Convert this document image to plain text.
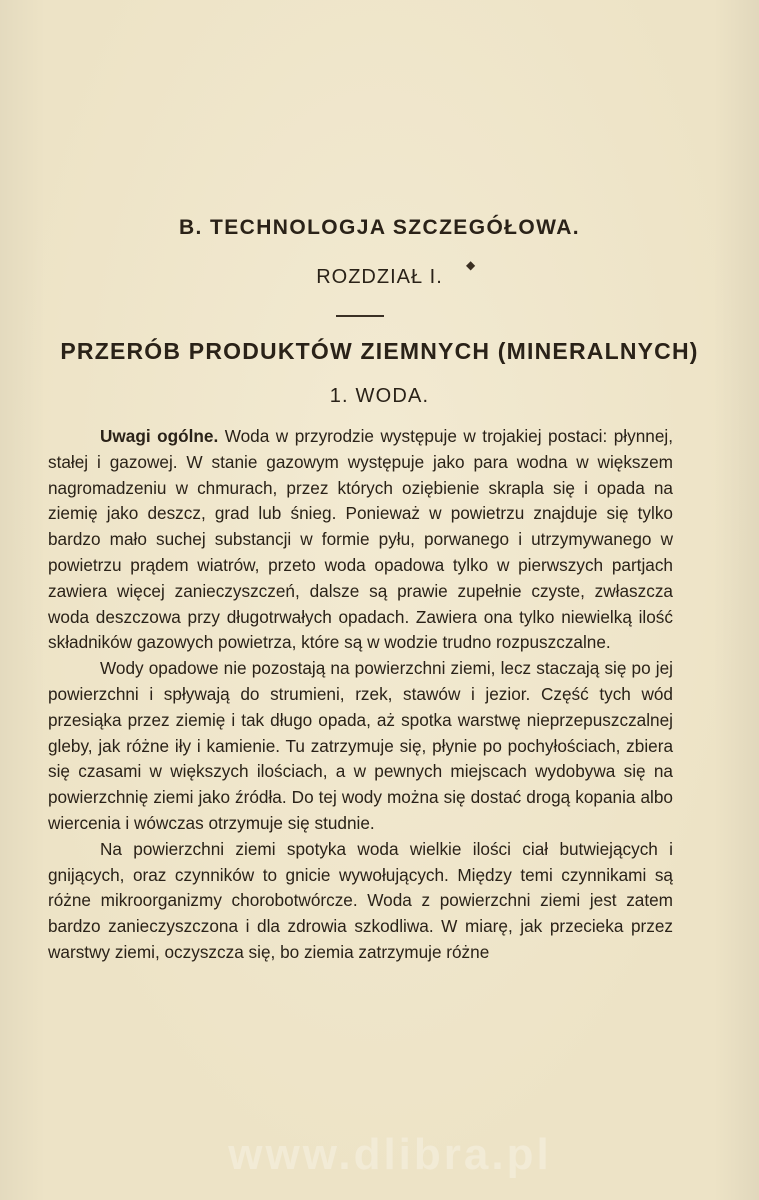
B. TECHNOLOGJA SZCZEGÓŁOWA.
ROZDZIAŁ I.
◆
PRZERÓB PRODUKTÓW ZIEMNYCH (MINERALNYCH)
1. WODA.

Uwagi ogólne. Woda w przyrodzie występuje w trojakiej postaci: płynnej, stałej i gazowej. W stanie gazowym występuje jako para wodna w większem nagromadzeniu w chmurach, przez których oziębienie skrapla się i opada na ziemię jako deszcz, grad lub śnieg. Ponieważ w powietrzu znajduje się tylko bardzo mało suchej substancji w formie pyłu, porwanego i utrzymywanego w powietrzu prądem wiatrów, przeto woda opadowa tylko w pierwszych partjach zawiera więcej zanieczyszczeń, dalsze są prawie zupełnie czyste, zwłaszcza woda deszczowa przy długotrwałych opadach. Zawiera ona tylko niewielką ilość składników gazowych powietrza, które są w wodzie trudno rozpuszczalne.

Wody opadowe nie pozostają na powierzchni ziemi, lecz staczają się po jej powierzchni i spływają do strumieni, rzek, stawów i jezior. Część tych wód przesiąka przez ziemię i tak długo opada, aż spotka warstwę nieprzepuszczalnej gleby, jak różne iły i kamienie. Tu zatrzymuje się, płynie po pochyłościach, zbiera się czasami w większych ilościach, a w pewnych miejscach wydobywa się na powierzchnię ziemi jako źródła. Do tej wody można się dostać drogą kopania albo wiercenia i wówczas otrzymuje się studnie.

Na powierzchni ziemi spotyka woda wielkie ilości ciał butwiejących i gnijących, oraz czynników to gnicie wywołujących. Między temi czynnikami są różne mikroorganizmy chorobotwórcze. Woda z powierzchni ziemi jest zatem bardzo zanieczyszczona i dla zdrowia szkodliwa. W miarę, jak przecieka przez warstwy ziemi, oczyszcza się, bo ziemia zatrzymuje różne

www.dlibra.pl
